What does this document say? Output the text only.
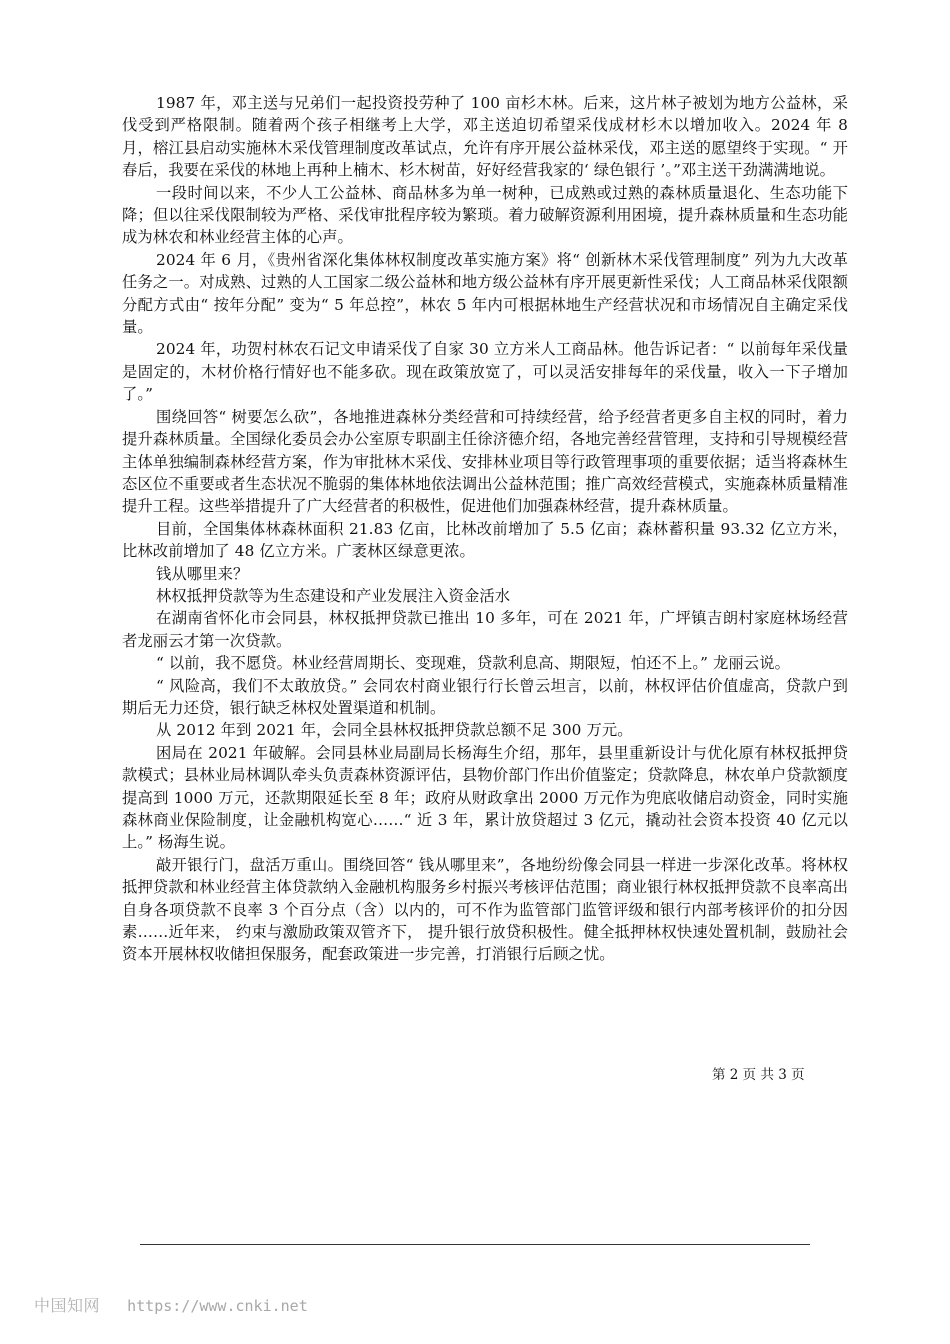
1987 年，邓主送与兄弟们一起投资投劳种了 100 亩杉木林。后来，这片林子被划为地方公益林，采伐受到严格限制。随着两个孩子相继考上大学，邓主送迫切希望采伐成材杉木以增加收入。2024 年 8 月，榕江县启动实施林木采伐管理制度改革试点，允许有序开展公益林采伐，邓主送的愿望终于实现。“ 开春后，我要在采伐的林地上再种上楠木、杉木树苗，好好经营我家的‘ 绿色银行 ’。”邓主送干劲满满地说。

一段时间以来，不少人工公益林、商品林多为单一树种，已成熟或过熟的森林质量退化、生态功能下降；但以往采伐限制较为严格、采伐审批程序较为繁琐。着力破解资源利用困境，提升森林质量和生态功能成为林农和林业经营主体的心声。

2024 年 6 月，《贵州省深化集体林权制度改革实施方案》将“ 创新林木采伐管理制度” 列为九大改革任务之一。对成熟、过熟的人工国家二级公益林和地方级公益林有序开展更新性采伐；人工商品林采伐限额分配方式由“ 按年分配” 变为“ 5 年总控”，林农 5 年内可根据林地生产经营状况和市场情况自主确定采伐量。

2024 年，功贺村林农石记文申请采伐了自家 30 立方米人工商品林。他告诉记者：“ 以前每年采伐量是固定的，木材价格行情好也不能多砍。现在政策放宽了，可以灵活安排每年的采伐量，收入一下子增加了。”

围绕回答“ 树要怎么砍”，各地推进森林分类经营和可持续经营，给予经营者更多自主权的同时，着力提升森林质量。全国绿化委员会办公室原专职副主任徐济德介绍，各地完善经营管理，支持和引导规模经营主体单独编制森林经营方案，作为审批林木采伐、安排林业项目等行政管理事项的重要依据；适当将森林生态区位不重要或者生态状况不脆弱的集体林地依法调出公益林范围；推广高效经营模式，实施森林质量精准提升工程。这些举措提升了广大经营者的积极性，促进他们加强森林经营，提升森林质量。

目前，全国集体林森林面积 21.83 亿亩，比林改前增加了 5.5 亿亩；森林蓄积量 93.32 亿立方米，比林改前增加了 48 亿立方米。广袤林区绿意更浓。

钱从哪里来？

林权抵押贷款等为生态建设和产业发展注入资金活水

在湖南省怀化市会同县，林权抵押贷款已推出 10 多年，可在 2021 年，广坪镇吉朗村家庭林场经营者龙丽云才第一次贷款。

“ 以前，我不愿贷。林业经营周期长、变现难，贷款利息高、期限短，怕还不上。” 龙丽云说。

“ 风险高，我们不太敢放贷。” 会同农村商业银行行长曾云坦言，以前，林权评估价值虚高，贷款户到期后无力还贷，银行缺乏林权处置渠道和机制。

从 2012 年到 2021 年，会同全县林权抵押贷款总额不足 300 万元。

困局在 2021 年破解。会同县林业局副局长杨海生介绍，那年，县里重新设计与优化原有林权抵押贷款模式；县林业局林调队牵头负责森林资源评估，县物价部门作出价值鉴定；贷款降息，林农单户贷款额度提高到 1000 万元，还款期限延长至 8 年；政府从财政拿出 2000 万元作为兜底收储启动资金，同时实施森林商业保险制度，让金融机构宽心……“ 近 3 年，累计放贷超过 3 亿元，撬动社会资本投资 40 亿元以上。” 杨海生说。

敲开银行门，盘活万重山。围绕回答“ 钱从哪里来”，各地纷纷像会同县一样进一步深化改革。将林权抵押贷款和林业经营主体贷款纳入金融机构服务乡村振兴考核评估范围；商业银行林权抵押贷款不良率高出自身各项贷款不良率 3 个百分点（含）以内的，可不作为监管部门监管评级和银行内部考核评价的扣分因素……近年来， 约束与激励政策双管齐下， 提升银行放贷积极性。健全抵押林权快速处置机制，鼓励社会资本开展林权收储担保服务，配套政策进一步完善，打消银行后顾之忧。

第 2 页 共 3 页
中国知网 https://www.cnki.net
